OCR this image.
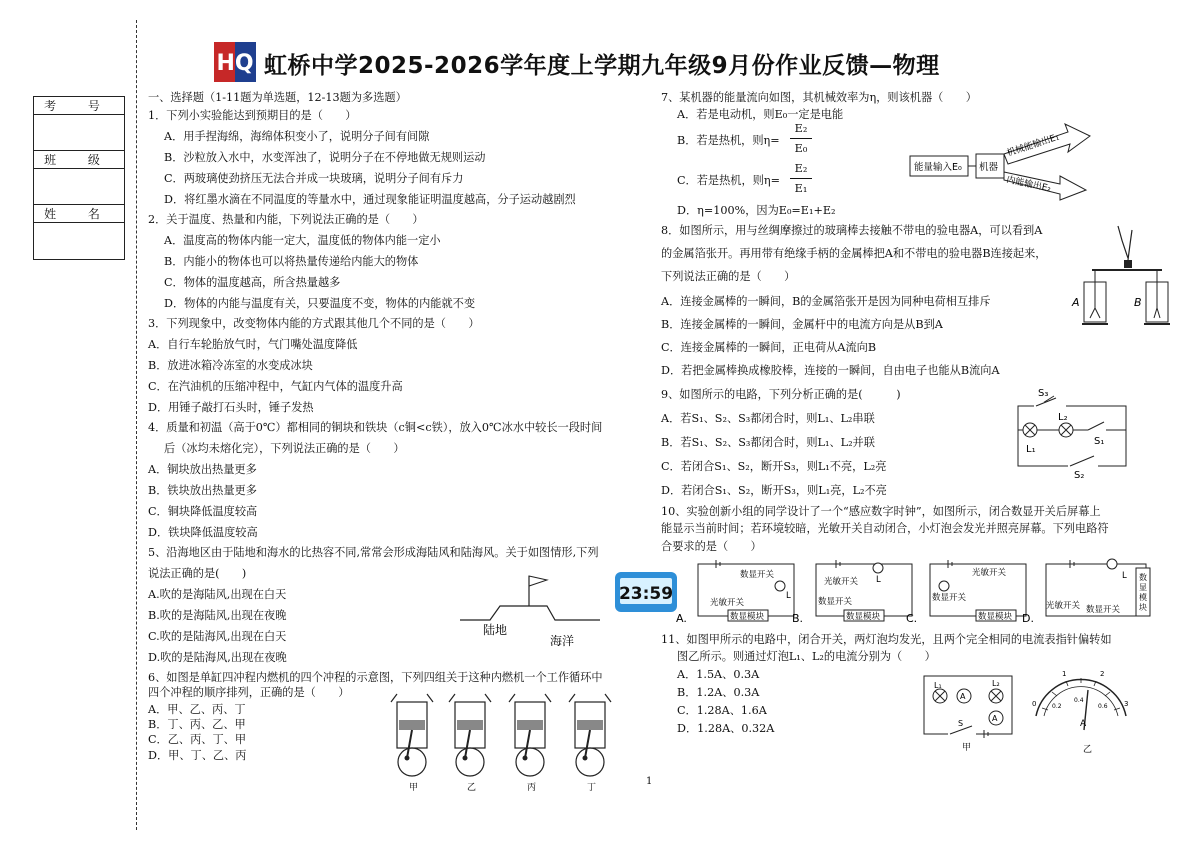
考 号
班 级
姓 名
HQ 虹桥中学2025-2026学年度上学期九年级9月份作业反馈—物理
一、选择题（1-11题为单选题，12-13题为多选题）
1．下列小实验能达到预期目的是（　　）
A．用手捏海绵，海绵体积变小了，说明分子间有间隙
B．沙粒放入水中，水变浑浊了，说明分子在不停地做无规则运动
C．两玻璃使劲挤压无法合并成一块玻璃，说明分子间有斥力
D．将红墨水滴在不同温度的等量水中，通过现象能证明温度越高，分子运动越剧烈
2．关于温度、热量和内能，下列说法正确的是（　　）
A．温度高的物体内能一定大，温度低的物体内能一定小
B．内能小的物体也可以将热量传递给内能大的物体
C．物体的温度越高，所含热量越多
D．物体的内能与温度有关，只要温度不变，物体的内能就不变
3．下列现象中，改变物体内能的方式跟其他几个不同的是（　　）
A．自行车轮胎放气时，气门嘴处温度降低
B．放进冰箱冷冻室的水变成冰块
C．在汽油机的压缩冲程中，气缸内气体的温度升高
D．用锤子敲打石头时，锤子发热
4．质量和初温（高于0℃）都相同的铜块和铁块（c铜<c铁），放入0℃冰水中较长一段时间
后（冰均未熔化完），下列说法正确的是（　　）
A．铜块放出热量更多
B．铁块放出热量更多
C．铜块降低温度较高
D．铁块降低温度较高
5、沿海地区由于陆地和海水的比热容不同,常常会形成海陆风和陆海风。关于如图情形,下列
说法正确的是(　　)
A.吹的是海陆风,出现在白天
B.吹的是海陆风,出现在夜晚
C.吹的是陆海风,出现在白天
D.吹的是陆海风,出现在夜晚
陆地
海洋
6、如图是单缸四冲程内燃机的四个冲程的示意图，下列四组关于这种内燃机一个工作循环中
四个冲程的顺序排列，正确的是（　　）
A．甲、乙、丙、丁
B．丁、丙、乙、甲
C．乙、丙、丁、甲
D．甲、丁、乙、丙
甲	乙	丙	丁
23:59
7、某机器的能量流向如图，其机械效率为η，则该机器（　　）
A．若是电动机，则E₀一定是电能
B．若是热机，则η=
E₂
E₀
C．若是热机，则η=
E₂
E₁
D．η=100%，因为E₀=E₁+E₂
能量输入E₀ 机器
机械能输出E₁
内能输出E₂
8．如图所示，用与丝绸摩擦过的玻璃棒去接触不带电的验电器A，可以看到A
的金属箔张开。再用带有绝缘手柄的金属棒把A和不带电的验电器B连接起来，
下列说法正确的是（　　）
A．连接金属棒的一瞬间，B的金属箔张开是因为同种电荷相互排斥
B．连接金属棒的一瞬间，金属杆中的电流方向是从B到A
C．连接金属棒的一瞬间，正电荷从A流向B
D．若把金属棒换成橡胶棒，连接的一瞬间，自由电子也能从B流向A
A	B
9、如图所示的电路，下列分析正确的是(　　　)
A．若S₁、S₂、S₃都闭合时，则L₁、L₂串联
B．若S₁、S₂、S₃都闭合时，则L₁、L₂并联
C．若闭合S₁、S₂，断开S₃，则L₁不亮，L₂亮
D．若闭合S₁、S₂，断开S₃，则L₁亮，L₂不亮
S₃
L₂
L₁
S₁
S₂
10、实验创新小组的同学设计了一个“感应数字时钟”，如图所示，闭合数显开关后屏幕上
能显示当前时间；若环境较暗，光敏开关自动闭合，小灯泡会发光并照亮屏幕。下列电路符
合要求的是（　　）
数显开关
L
光敏开关
数显模块
A.
光敏开关 L
数显开关
数显模块
B.
光敏开关
数显开关
数显模块
C.
L
光敏开关 数显开关
数
显
模
块
D.
11、如图甲所示的电路中，闭合开关，两灯泡均发光，且两个完全相同的电流表指针偏转如
图乙所示。则通过灯泡L₁、L₂的电流分别为（　　）
A．1.5A、0.3A
B．1.2A、0.3A
C．1.28A、1.6A
D．1.28A、0.32A
L₁
A
L₂
A
S
甲
0
1	2
3
0.2
0.4
0.6
A
乙
1
